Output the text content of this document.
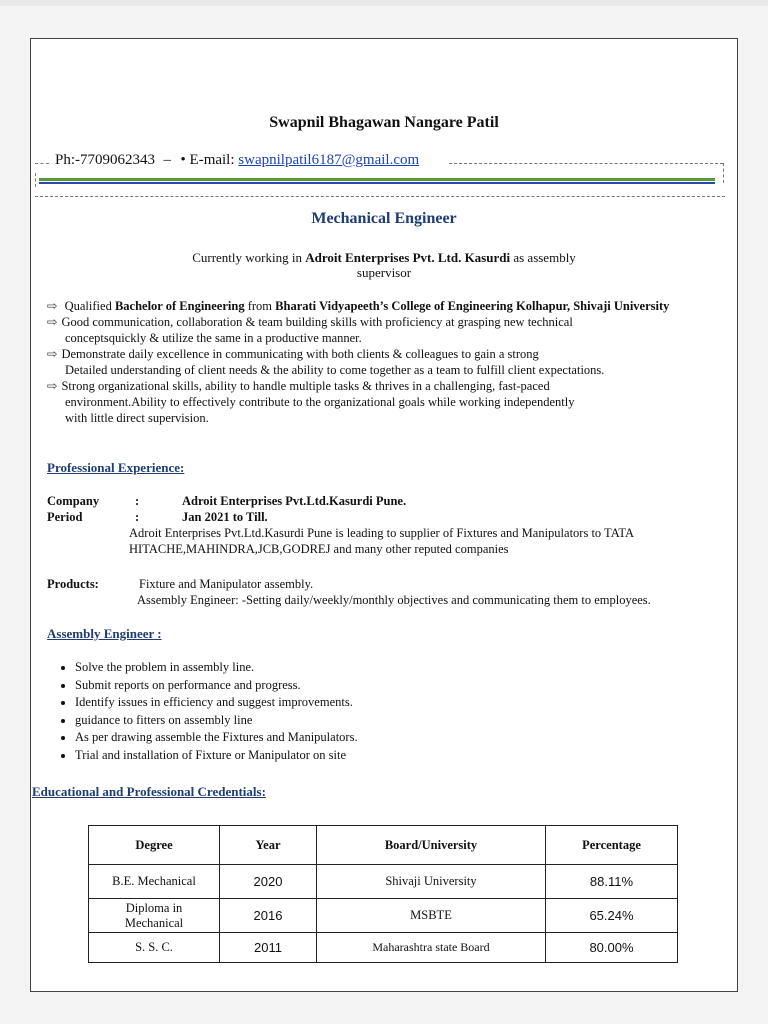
Swapnil Bhagawan Nangare Patil
Ph:-7709062343  –  • E-mail: swapnilpatil6187@gmail.com
Mechanical Engineer
Currently working in Adroit Enterprises Pvt. Ltd. Kasurdi as assembly
supervisor
⇨ Qualified Bachelor of Engineering from Bharati Vidyapeeth’s College of Engineering Kolhapur, Shivaji University
⇨ Good communication, collaboration & team building skills with proficiency at grasping new technical
conceptsquickly & utilize the same in a productive manner.
⇨ Demonstrate daily excellence in communicating with both clients & colleagues to gain a strong
Detailed understanding of client needs & the ability to come together as a team to fulfill client expectations.
⇨ Strong organizational skills, ability to handle multiple tasks & thrives in a challenging, fast-paced
environment.Ability to effectively contribute to the organizational goals while working independently
with little direct supervision.
Professional Experience:
Company	:	Adroit Enterprises Pvt.Ltd.Kasurdi Pune.
Period	:	Jan 2021 to Till.
Adroit Enterprises Pvt.Ltd.Kasurdi Pune is leading to supplier of Fixtures and Manipulators to TATA
HITACHE,MAHINDRA,JCB,GODREJ and many other reputed companies
Products:	Fixture and Manipulator assembly.
Assembly Engineer: -Setting daily/weekly/monthly objectives and communicating them to employees.
Assembly Engineer :
• Solve the problem in assembly line.
• Submit reports on performance and progress.
• Identify issues in efficiency and suggest improvements.
• guidance to fitters on assembly line
• As per drawing assemble the Fixtures and Manipulators.
• Trial and installation of Fixture or Manipulator on site
Educational and Professional Credentials:
Degree	Year	Board/University	Percentage
B.E. Mechanical	2020	Shivaji University	88.11%
Diploma in Mechanical	2016	MSBTE	65.24%
S. S. C.	2011	Maharashtra state Board	80.00%
